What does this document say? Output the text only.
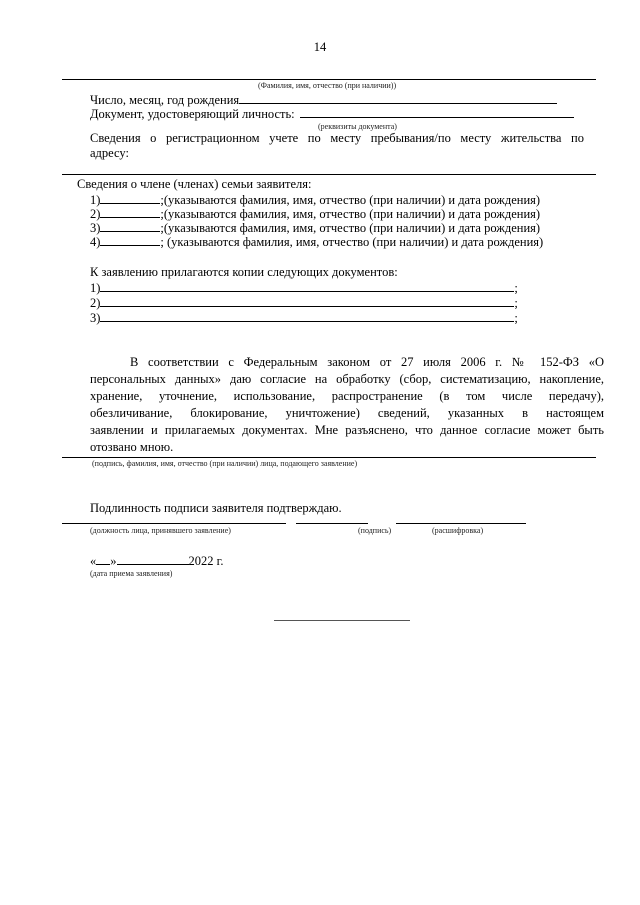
14
(Фамилия, имя, отчество (при наличии))
Число, месяц, год рождения
Документ, удостоверяющий личность:
(реквизиты документа)
Сведения о регистрационном учете по месту пребывания/по месту жительства по
адресу:
Сведения о члене (членах) семьи заявителя:
1)	;(указываются фамилия, имя, отчество (при наличии) и дата рождения)
2)	;(указываются фамилия, имя, отчество (при наличии) и дата рождения)
3)	;(указываются фамилия, имя, отчество (при наличии) и дата рождения)
4)	; (указываются фамилия, имя, отчество (при наличии) и дата рождения)
К заявлению прилагаются копии следующих документов:
1)	;
2)	;
3)	;
В соответствии с Федеральным законом от 27 июля 2006 г. № 152-ФЗ «О
персональных данных» даю согласие на обработку (сбор, систематизацию, накопление,
хранение, уточнение, использование, распространение (в том числе передачу),
обезличивание, блокирование, уничтожение) сведений, указанных в настоящем
заявлении и прилагаемых документах. Мне разъяснено, что данное согласие может быть
отозвано мною.
(подпись, фамилия, имя, отчество (при наличии) лица, подающего заявление)
Подлинность подписи заявителя подтверждаю.
(должность лица, принявшего заявление)	(подпись)	(расшифровка)
« »	2022 г.
(дата приема заявления)
